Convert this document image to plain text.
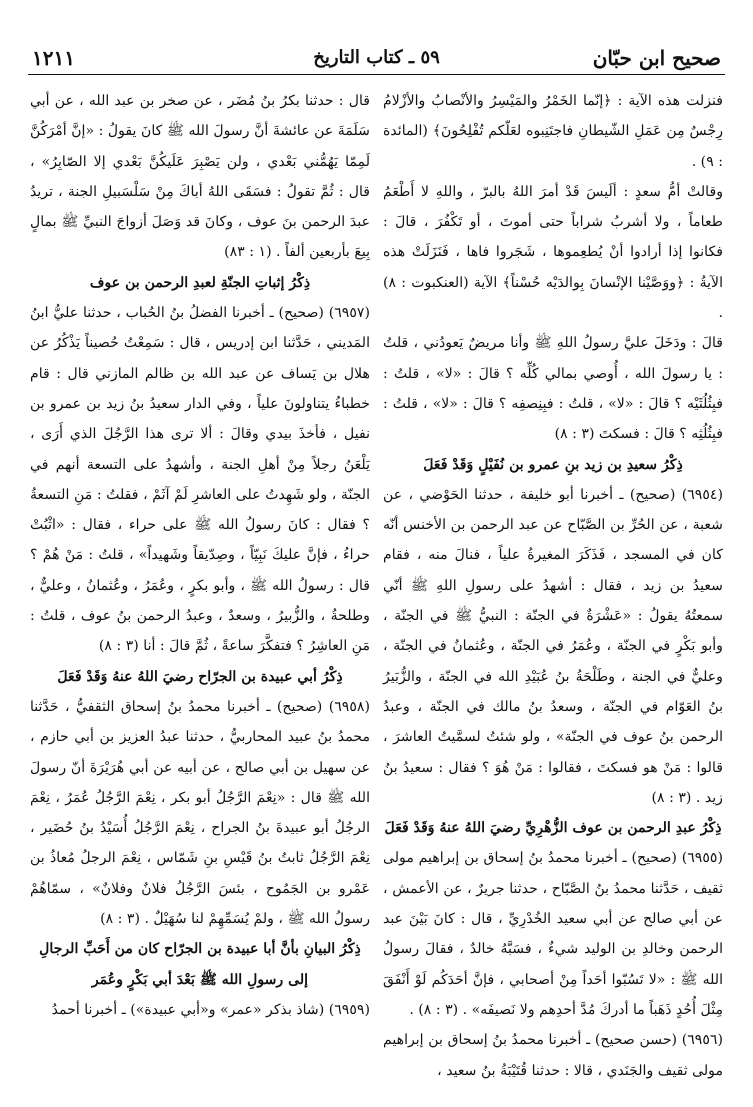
صحيح ابن حبّان
٥٩ ـ كتاب التاريخ
١٢١١

فنزلت هذه الآية : ﴿إنّما الخَمْرُ والمَيْسِرُ والأنْصابُ والأزْلامُ رِجْسٌ مِن عَمَلِ الشّيطانِ فاجتَنِبوه لعَلّكم تُفْلِحُونَ﴾ (المائدة : ٩) .

وقالتْ أمُّ سعدٍ : ألَيسَ قَدْ أمرَ اللهُ بالبرّ ، واللهِ لا أَطْعَمُ طعاماً ، ولا أشربُ شراباً حتى أموتَ ، أو تَكْفُرَ ، قالَ : فكانوا إذا أرادوا أنْ يُطعِموها ، شَجَروا فاها ، فَنَزَلَتْ هذه الآيةُ : ﴿ووَصَّيْنا الإنْسانَ بِوالدَيْه حُسْناً﴾ الآية (العنكبوت : ٨) .

قالَ : ودَخَلَ عليَّ رسولُ اللهِ ﷺ وأنا مريضٌ يَعودُني ، قلتُ : يا رسولَ الله ، أُوصي بمالي كُلِّه ؟ قالَ : «لا» ، قلتُ : فبِثُلُثَيْه ؟ قالَ : «لا» ، قلتُ : فبِنِصفِه ؟ قالَ : «لا» ، قلتُ : فبِثُلُثِه ؟ قالَ : فسكتَ (٣ : ٨)

ذِكْرُ سعيدِ بن زيد بنِ عمرو بن نُفَيْلٍ وَقَدْ فَعَلَ

(٦٩٥٤) (صحيح) ـ أخبرنا أبو خليفة ، حدثنا الحَوْضي ، عن شعبة ، عن الحُرِّ بن الصَّبّاح عن عبد الرحمن بن الأخنس أنّه كان في المسجد ، فَذَكَرَ المغيرةُ علياً ، فنالَ منه ، فقام سعيدُ بن زيد ، فقال : أشهدُ على رسولِ اللهِ ﷺ أنّي سمعتُهُ يقولُ : «عَشْرَةٌ في الجنّة : النبيُّ ﷺ في الجنّة ، وأبو بَكْرٍ في الجنّة ، وعُمَرُ في الجنّة ، وعُثمانُ في الجنّة ، وعليٌّ في الجنة ، وطَلْحَةُ بنُ عُبَيْدِ الله في الجنّة ، والزُّبَيرُ بنُ العَوّام في الجنّة ، وسعدُ بنُ مالك في الجنّة ، وعبدُ الرحمن بنُ عوف في الجنّة» ، ولو شئتُ لسمَّيتُ العاشرَ ، قالوا : مَنْ هو فسكتَ ، فقالوا : مَنْ هُوَ ؟ فقال : سعيدُ بنُ زيد . (٣ : ٨)

ذِكْرُ عبدِ الرحمن بن عوف الزُّهْرِيِّ رضيَ اللهُ عنهُ وَقَدْ فَعَلَ

(٦٩٥٥) (صحيح) ـ أخبرنا محمدُ بنُ إسحاق بن إبراهيم مولى ثقيف ، حَدَّثنا محمدُ بنُ الصَّبّاح ، حدثنا جريرٌ ، عن الأعمش ، عن أبي صالح عن أبي سعيد الخُدْرِيِّ ، قال : كانَ بَيْنَ عبد الرحمن وخالدِ بن الوليد شيءٌ ، فسَبَّهُ خالدٌ ، فقالَ رسولُ الله ﷺ : «لا تَسُبّوا أحَداً مِنْ أصحابي ، فإنَّ أحَدَكُم لَوْ أَنْفَقَ مِثْلَ أُحُدٍ ذَهَباً ما أدركَ مُدَّ أحدِهم ولا نَصيفَه» . (٣ : ٨) .

(٦٩٥٦) (حسن صحيح) ـ أخبرنا محمدُ بنُ إسحاق بن إبراهيم مولى ثقيف والجَنَدي ، قالا : حدثنا قُتَيْبَةُ بنُ سعيد ،

قال : حدثنا بكرُ بنُ مُضَر ، عن صخر بن عبد الله ، عن أبي سَلَمَةَ عن عائشةَ أنَّ رسولَ الله ﷺ كانَ يقولُ : «إنَّ أمْرَكُنَّ لَمِمّا يَهُمُّني بَعْدي ، ولن يَصْبِرَ عَلَيكُنَّ بَعْدي إلا الصّابِرُ» ، قال : ثُمَّ تقولُ : فسَقَى اللهُ أباكَ مِنْ سَلْسَبيلِ الجنة ، تريدُ عبدَ الرحمن بنَ عوف ، وكانَ قد وَصَلَ أزواجَ النبيِّ ﷺ بمالٍ بِيعَ بأربعين ألفاً . (١ : ٨٣)

ذِكْرُ إثباتِ الجنّةِ لعبدِ الرحمن بن عوف

(٦٩٥٧) (صحيح) ـ أخبرنا الفضلُ بنُ الحُباب ، حدثنا عليُّ ابنُ المَديني ، حَدَّثنا ابن إدريس ، قال : سَمِعْتُ حُصيناً يَذْكُرُ عن هلال بن يَساف عن عبد الله بن ظالم المازني قال : قام خطباءُ يتناولونَ علياً ، وفي الدار سعيدُ بنُ زيد بن عمرو بن نفيل ، فأخذَ بيدي وقالَ : ألا ترى هذا الرَّجُلَ الذي أَرَى ، يَلْعَنُ رجلاً مِنْ أهلِ الجنة ، وأشهدُ على التسعة أنهم في الجنّة ، ولو شَهِدتُ على العاشرِ لَمْ آثَمْ ، فقلتُ : مَنِ التسعةُ ؟ فقال : كانَ رسولُ الله ﷺ على حراء ، فقال : «اثْبُتْ حراءُ ، فإنَّ عليكَ نَبِيّاً ، وصِدّيقاً وشَهيداً» ، قلتُ : مَنْ هُمْ ؟ قال : رسولُ الله ﷺ ، وأبو بكرٍ ، وعُمَرُ ، وعُثمانُ ، وعليٌّ ، وطلحةُ ، والزُّبيرُ ، وسعدٌ ، وعبدُ الرحمن بنُ عوف ، قلتُ : مَنِ العاشِرُ ؟ فتفكَّرَ ساعةً ، ثُمَّ قالَ : أنا (٣ : ٨)

ذِكْرُ أبي عبيدة بن الجرّاح رضيَ اللهُ عنهُ وَقَدْ فَعَلَ

(٦٩٥٨) (صحيح) ـ أخبرنا محمدُ بنُ إسحاق الثقفيُّ ، حَدَّثنا محمدُ بنُ عبيد المحاربيُّ ، حدثنا عبدُ العزيز بن أبي حازم ، عن سهيل بن أبي صالح ، عن أبيه عن أبي هُرَيْرَةَ أنّ رسولَ الله ﷺ قال : «نِعْمَ الرَّجُلُ أبو بكر ، نِعْمَ الرَّجُلُ عُمَرُ ، نِعْمَ الرجُلُ أبو عبيدةَ بنُ الجراح ، نِعْمَ الرَّجُلُ أُسَيْدُ بنُ حُضَير ، نِعْمَ الرَّجُلُ ثابتُ بنُ قَيْسِ بنِ شَمّاس ، نِعْمَ الرجلُ مُعاذُ بن عَمْرو بن الجَمُوح ، بئسَ الرَّجُلُ فلانٌ وفلانٌ» ، سمّاهُمْ رسولُ الله ﷺ ، ولمْ يُسَمِّهِمْ لنا سُهَيْلٌ . (٣ : ٨)

ذِكْرُ البيانِ بأنَّ أبا عبيدة بن الجرّاح كان من أَحَبِّ الرجالِ إلى رسولِ الله ﷺ بَعْدَ أبي بَكْرٍ وعُمَر

(٦٩٥٩) (شاذ بذكر «عمر» و«أبي عبيدة») ـ أخبرنا أحمدُ
